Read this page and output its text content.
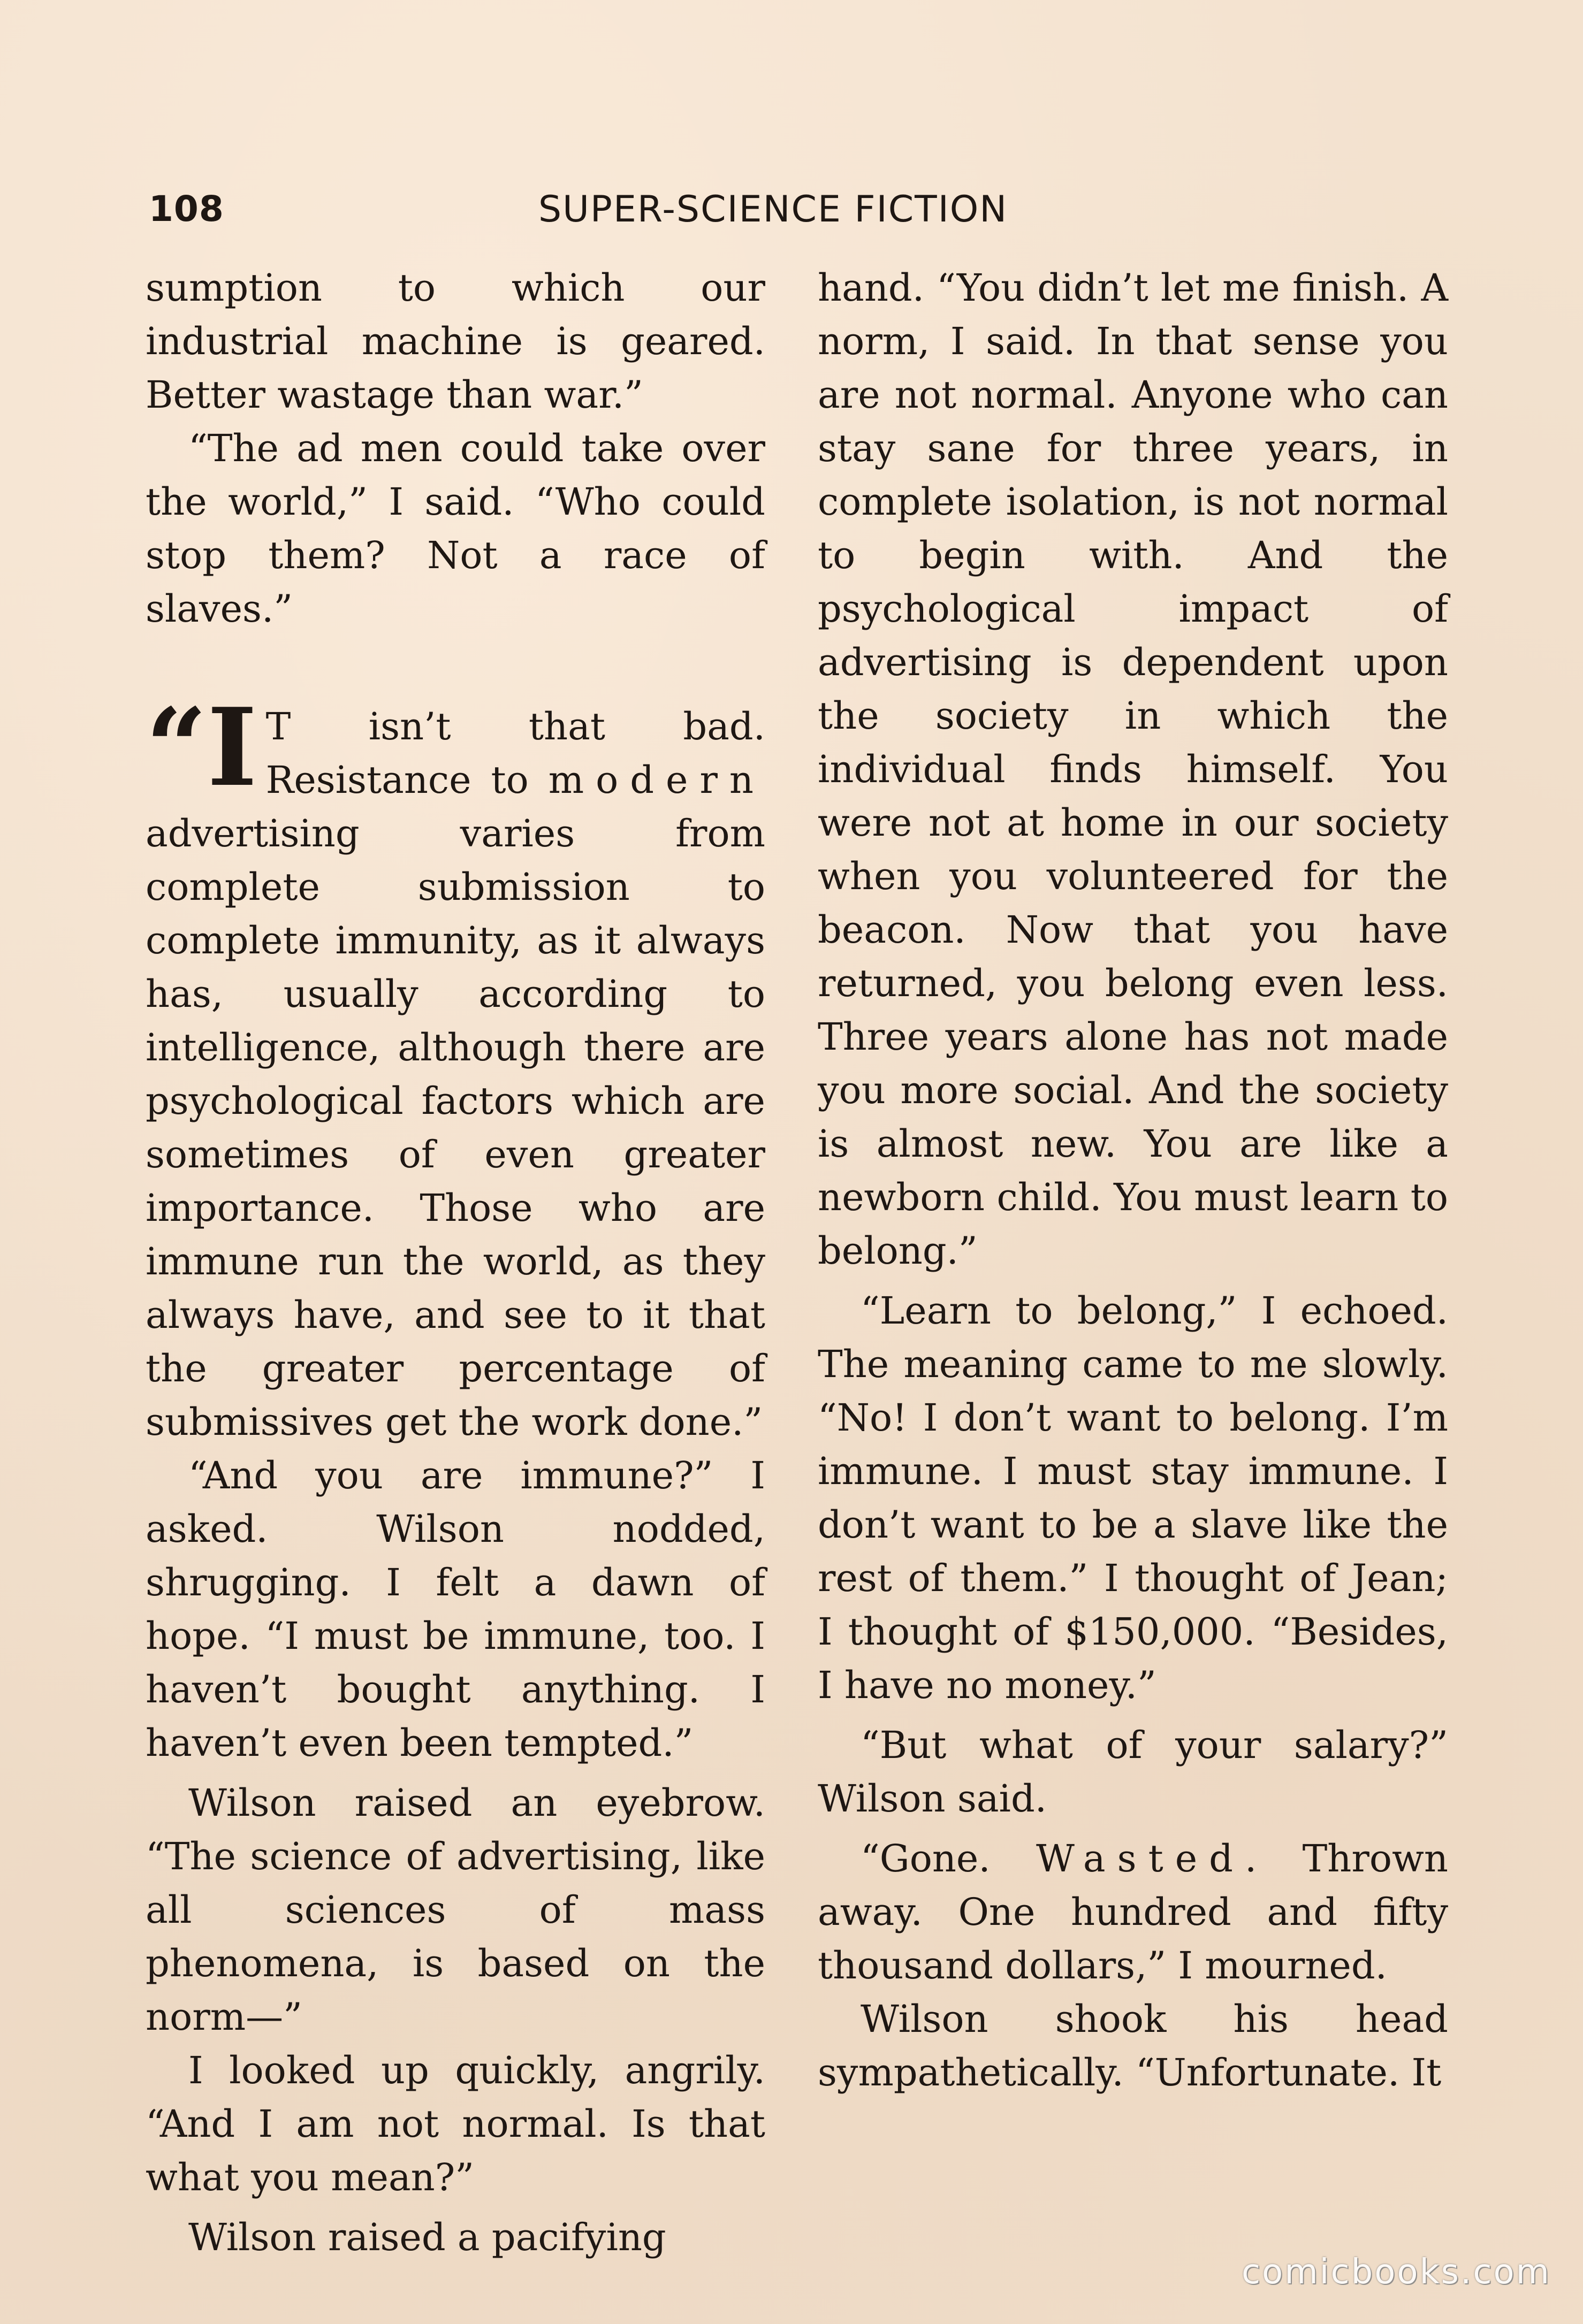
108	SUPER-SCIENCE FICTION

sumption to which our industrial machine is geared. Better wastage than war.”

“The ad men could take over the world,” I said. “Who could stop them? Not a race of slaves.”

“I T isn’t that bad. Resistance to modern advertising varies from complete submission to complete immunity, as it always has, usually according to intelligence, although there are psychological factors which are sometimes of even greater importance. Those who are immune run the world, as they always have, and see to it that the greater percentage of submissives get the work done.”

“And you are immune?” I asked. Wilson nodded, shrugging. I felt a dawn of hope. “I must be immune, too. I haven’t bought anything. I haven’t even been tempted.”

Wilson raised an eyebrow. “The science of advertising, like all sciences of mass phenomena, is based on the norm—”

I looked up quickly, angrily. “And I am not normal. Is that what you mean?”

Wilson raised a pacifying

hand. “You didn’t let me finish. A norm, I said. In that sense you are not normal. Anyone who can stay sane for three years, in complete isolation, is not normal to begin with. And the psychological impact of advertising is dependent upon the society in which the individual finds himself. You were not at home in our society when you volunteered for the beacon. Now that you have returned, you belong even less. Three years alone has not made you more social. And the society is almost new. You are like a newborn child. You must learn to belong.”

“Learn to belong,” I echoed. The meaning came to me slowly. “No! I don’t want to belong. I’m immune. I must stay immune. I don’t want to be a slave like the rest of them.” I thought of Jean; I thought of $150,000. “Besides, I have no money.”

“But what of your salary?” Wilson said.

“Gone. Wasted. Thrown away. One hundred and fifty thousand dollars,” I mourned.

Wilson shook his head sympathetically. “Unfortunate. It

comicbooks.com
